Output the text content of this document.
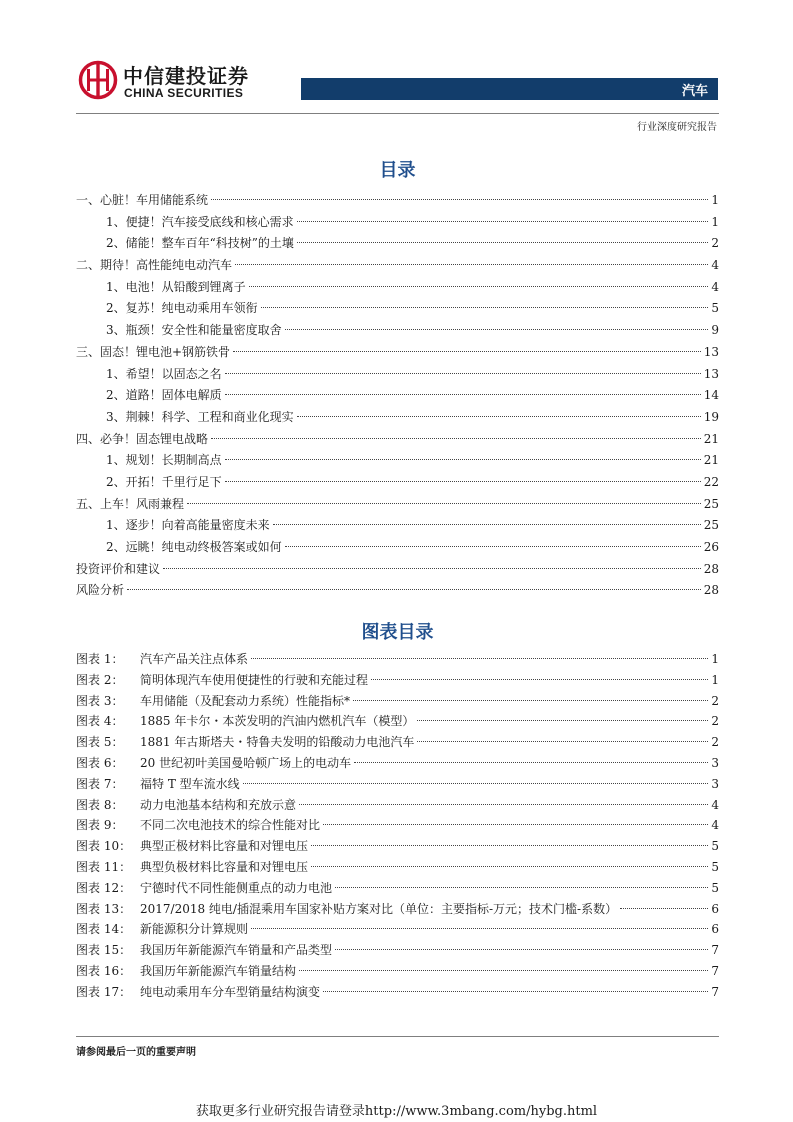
中信建投证券
CHINA SECURITIES	汽车
行业深度研究报告
目录
一、心脏！车用储能系统	1
1、便捷！汽车接受底线和核心需求	1
2、储能！整车百年“科技树”的土壤	2
二、期待！高性能纯电动汽车	4
1、电池！从铅酸到锂离子	4
2、复苏！纯电动乘用车领衔	5
3、瓶颈！安全性和能量密度取舍	9
三、固态！锂电池+钢筋铁骨	13
1、希望！以固态之名	13
2、道路！固体电解质	14
3、荆棘！科学、工程和商业化现实	19
四、必争！固态锂电战略	21
1、规划！长期制高点	21
2、开拓！千里行足下	22
五、上车！风雨兼程	25
1、逐步！向着高能量密度未来	25
2、远眺！纯电动终极答案或如何	26
投资评价和建议	28
风险分析	28
图表目录
图表 1：	汽车产品关注点体系	1
图表 2：	简明体现汽车使用便捷性的行驶和充能过程	1
图表 3：	车用储能（及配套动力系统）性能指标*	2
图表 4：	1885 年卡尔・本茨发明的汽油内燃机汽车（模型）	2
图表 5：	1881 年古斯塔夫・特鲁夫发明的铅酸动力电池汽车	2
图表 6：	20 世纪初叶美国曼哈顿广场上的电动车	3
图表 7：	福特 T 型车流水线	3
图表 8：	动力电池基本结构和充放示意	4
图表 9：	不同二次电池技术的综合性能对比	4
图表 10： 典型正极材料比容量和对锂电压	5
图表 11： 典型负极材料比容量和对锂电压	5
图表 12： 宁德时代不同性能侧重点的动力电池	5
图表 13： 2017/2018 纯电/插混乘用车国家补贴方案对比（单位：主要指标-万元；技术门槛-系数）	6
图表 14： 新能源积分计算规则	6
图表 15： 我国历年新能源汽车销量和产品类型	7
图表 16： 我国历年新能源汽车销量结构	7
图表 17： 纯电动乘用车分车型销量结构演变	7
请参阅最后一页的重要声明
获取更多行业研究报告请登录http://www.3mbang.com/hybg.html
